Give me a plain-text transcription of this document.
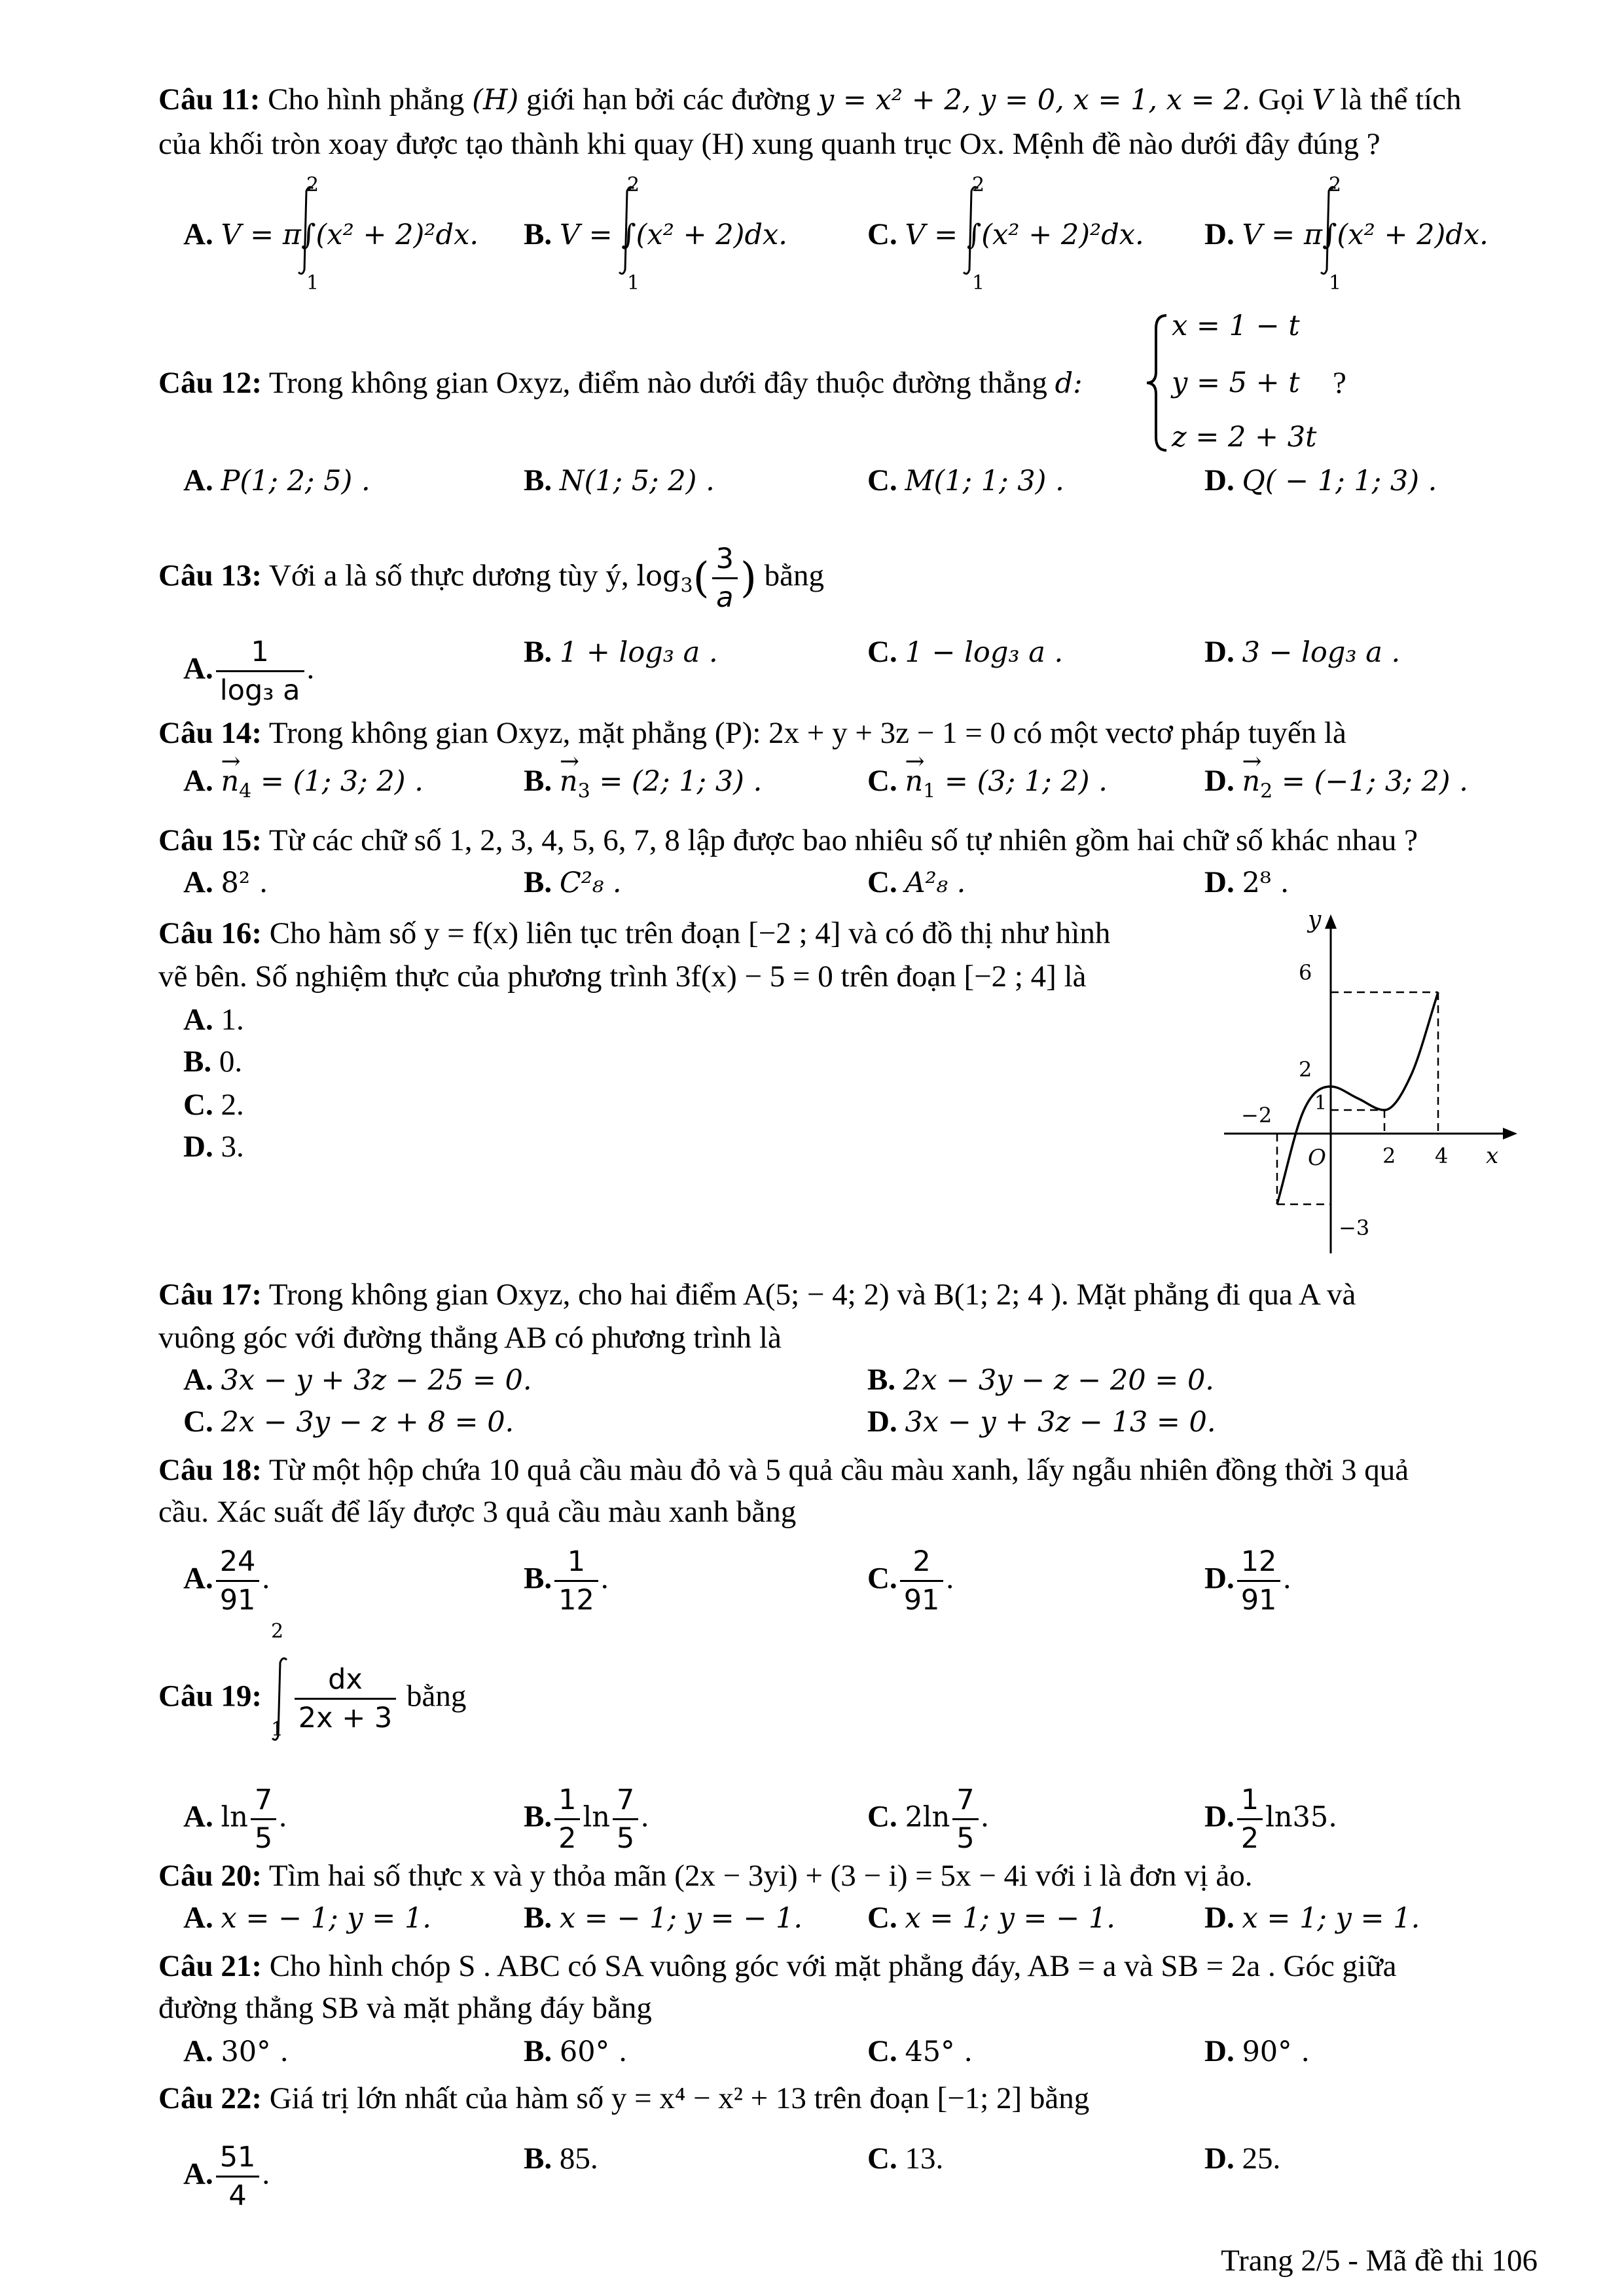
Câu 11: Cho hình phẳng (H) giới hạn bởi các đường y = x² + 2, y = 0, x = 1, x = 2. Gọi V là thể tích
của khối tròn xoay được tạo thành khi quay (H) xung quanh trục Ox. Mệnh đề nào dưới đây đúng ?
A. V = π∫(x² + 2)²dx. B. V = ∫(x² + 2)dx.	C. V = ∫(x² + 2)²dx. D. V = π∫(x² + 2)dx.
2
1
2
1
2
1
2
1
Câu 12: Trong không gian Oxyz, điểm nào dưới đây thuộc đường thẳng d:
x = 1 − t
y = 5 + t
z = 2 + 3t
?
A. P(1; 2; 5) .	B. N(1; 5; 2) .	C. M(1; 1; 3) .	D. Q( − 1; 1; 3) .
Câu 13: Với a là số thực dương tùy ý, $\log_3( \frac{3}{a}$ ) bằng
A. $\frac{1}{\text{log₃ a}}$ .	B. 1 + log₃ a .	C. 1 − log₃ a .	D. 3 − log₃ a .
Câu 14: Trong không gian Oxyz, mặt phẳng (P): 2x + y + 3z − 1 = 0 có một vectơ pháp tuyến là
A. → $n_4 = (1$; 3; 2) .	B. → $n_3 = (2$; 1; 3) .	C. → $n_1 = (3$; 1; 2) .	D. → $n_2 = (-1$; 3; 2) .
Câu 15: Từ các chữ số 1, 2, 3, 4, 5, 6, 7, 8 lập được bao nhiêu số tự nhiên gồm hai chữ số khác nhau ?
A. 8² .	B. C²₈ .	C. A²₈ .	D. 2⁸ .
Câu 16: Cho hàm số y = f(x) liên tục trên đoạn [−2 ; 4] và có đồ thị như hình
vẽ bên. Số nghiệm thực của phương trình 3f(x) − 5 = 0 trên đoạn [−2 ; 4] là
A. 1.
B. 0.
C. 2.
D. 3.
y
x
O
6
2
1
−3
−2
2 4
Câu 17: Trong không gian Oxyz, cho hai điểm A(5; − 4; 2) và B(1; 2; 4 ). Mặt phẳng đi qua A và
vuông góc với đường thẳng AB có phương trình là
A. 3x − y + 3z − 25 = 0.	B. 2x − 3y − z − 20 = 0.
C. 2x − 3y − z + 8 = 0.	D. 3x − y + 3z − 13 = 0.
Câu 18: Từ một hộp chứa 10 quả cầu màu đỏ và 5 quả cầu màu xanh, lấy ngẫu nhiên đồng thời 3 quả
cầu. Xác suất để lấy được 3 quả cầu màu xanh bằng
A. $\frac{24}{91}$ .	B. $\frac{1}{12}$ .	C. $\frac{2}{91}$ .	D. $\frac{12}{91}$ .
Câu 19: $\frac{dx}{2x + 3}$ bằng
2
1
A. $\ln \frac{7}{5}$ .	B. $\frac{1}{2}$ $\ln \frac{7}{5}$ .	C. $2\ln \frac{7}{5}$ .	D. $\frac{1}{2} \ln 35$.
Câu 20: Tìm hai số thực x và y thỏa mãn (2x − 3yi) + (3 − i) = 5x − 4i với i là đơn vị ảo.
A. x = − 1; y = 1.	B. x = − 1; y = − 1. C. x = 1; y = − 1.	D. x = 1; y = 1.
Câu 21: Cho hình chóp S . ABC có SA vuông góc với mặt phẳng đáy, AB = a và SB = 2a . Góc giữa
đường thẳng SB và mặt phẳng đáy bằng
A. 30° .	B. 60° .	C. 45° .	D. 90° .
Câu 22: Giá trị lớn nhất của hàm số y = x⁴ − x² + 13 trên đoạn [−1; 2] bằng
A. $\frac{51}{4}$ .	B. 85.	C. 13.	D. 25.
Trang 2/5 - Mã đề thi 106
